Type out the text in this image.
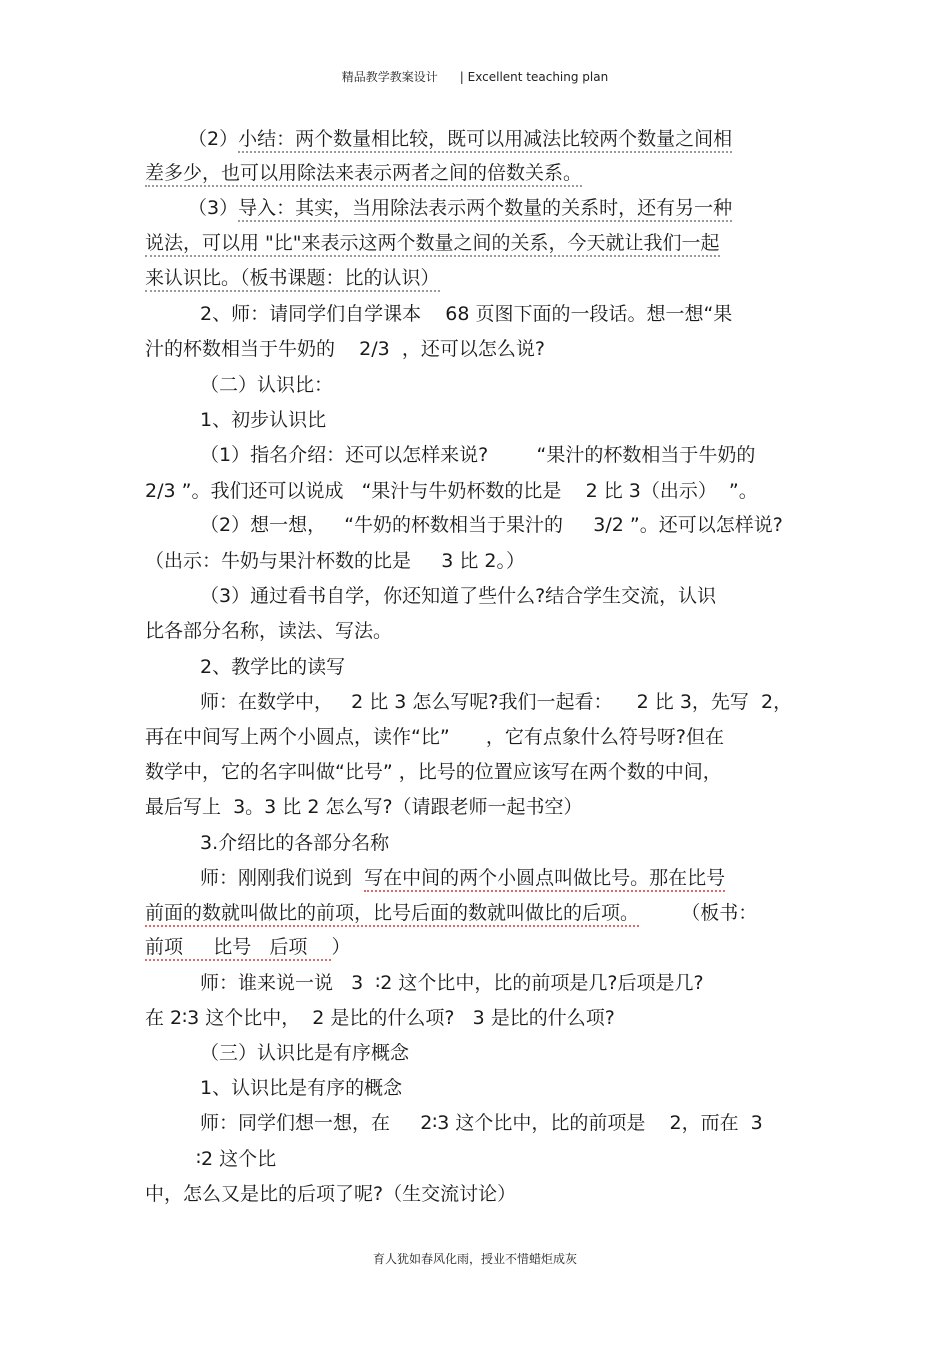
精品教学教案设计 | Excellent teaching plan
（2）小结：两个数量相比较，既可以用减法比较两个数量之间相
差多少，也可以用除法来表示两者之间的倍数关系。
（3）导入：其实，当用除法表示两个数量的关系时，还有另一种
说法，可以用 "比"来表示这两个数量之间的关系，今天就让我们一起
来认识比。（板书课题：比的认识）
2、师：请同学们自学课本    68 页图下面的一段话。想一想“果
汁的杯数相当于牛奶的    2/3  ，还可以怎么说?
（二）认识比：
1、初步认识比
（1）指名介绍：还可以怎样来说?        “果汁的杯数相当于牛奶的
2/3 ”。我们还可以说成   “果汁与牛奶杯数的比是    2 比 3（出示）  ”。
（2）想一想，   “牛奶的杯数相当于果汁的     3/2 ”。还可以怎样说?
（出示：牛奶与果汁杯数的比是     3 比 2。）
（3）通过看书自学，你还知道了些什么?结合学生交流，认识
比各部分名称，读法、写法。
2、教学比的读写
师：在数学中，   2 比 3 怎么写呢?我们一起看：    2 比 3，先写  2，
再在中间写上两个小圆点，读作“比”      ，它有点象什么符号呀?但在
数学中，它的名字叫做“比号” ，比号的位置应该写在两个数的中间，
最后写上  3。3 比 2 怎么写?（请跟老师一起书空）
3.介绍比的各部分名称
师：刚刚我们说到  写在中间的两个小圆点叫做比号。那在比号
前面的数就叫做比的前项，比号后面的数就叫做比的后项。       （板书：
前项     比号   后项    ）
师：谁来说一说   3  ∶2 这个比中，比的前项是几?后项是几?
在 2∶3 这个比中，  2 是比的什么项?   3 是比的什么项?
（三）认识比是有序概念
1、认识比是有序的概念
师：同学们想一想，在     2∶3 这个比中，比的前项是    2，而在  3
∶2 这个比
中，怎么又是比的后项了呢?（生交流讨论）
育人犹如春风化雨，授业不惜蜡炬成灰
